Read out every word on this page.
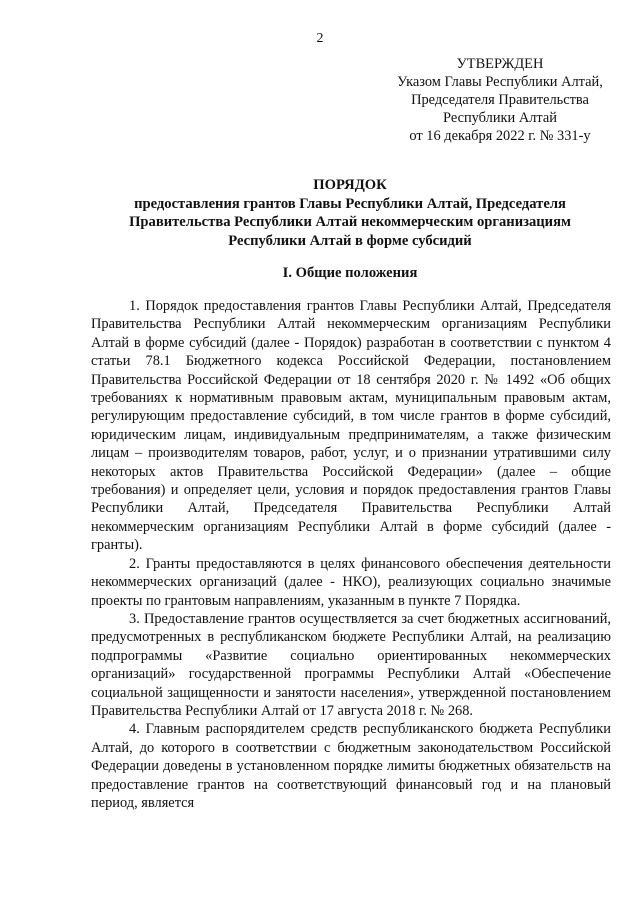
2
УТВЕРЖДЕН
Указом Главы Республики Алтай,
Председателя Правительства
Республики Алтай
от 16 декабря 2022 г. № 331-у
ПОРЯДОК
предоставления грантов Главы Республики Алтай, Председателя
Правительства Республики Алтай некоммерческим организациям
Республики Алтай в форме субсидий
I. Общие положения

1. Порядок предоставления грантов Главы Республики Алтай, Председателя Правительства Республики Алтай некоммерческим организациям Республики Алтай в форме субсидий (далее - Порядок) разработан в соответствии с пунктом 4 статьи 78.1 Бюджетного кодекса Российской Федерации, постановлением Правительства Российской Федерации от 18 сентября 2020 г. № 1492 «Об общих требованиях к нормативным правовым актам, муниципальным правовым актам, регулирующим предоставление субсидий, в том числе грантов в форме субсидий, юридическим лицам, индивидуальным предпринимателям, а также физическим лицам – производителям товаров, работ, услуг, и о признании утратившими силу некоторых актов Правительства Российской Федерации» (далее – общие требования) и определяет цели, условия и порядок предоставления грантов Главы Республики Алтай, Председателя Правительства Республики Алтай некоммерческим организациям Республики Алтай в форме субсидий (далее - гранты).

2. Гранты предоставляются в целях финансового обеспечения деятельности некоммерческих организаций (далее - НКО), реализующих социально значимые проекты по грантовым направлениям, указанным в пункте 7 Порядка.

3. Предоставление грантов осуществляется за счет бюджетных ассигнований, предусмотренных в республиканском бюджете Республики Алтай, на реализацию подпрограммы «Развитие социально ориентированных некоммерческих организаций» государственной программы Республики Алтай «Обеспечение социальной защищенности и занятости населения», утвержденной постановлением Правительства Республики Алтай от 17 августа 2018 г. № 268.

4. Главным распорядителем средств республиканского бюджета Республики Алтай, до которого в соответствии с бюджетным законодательством Российской Федерации доведены в установленном порядке лимиты бюджетных обязательств на предоставление грантов на соответствующий финансовый год и на плановый период, является
